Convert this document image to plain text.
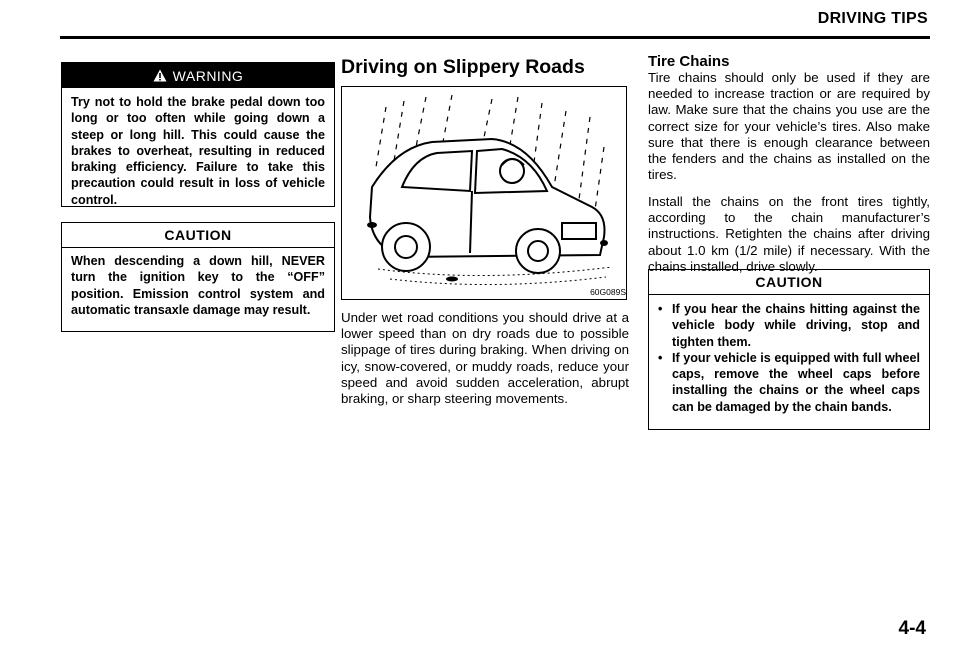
DRIVING TIPS
WARNING
Try not to hold the brake pedal down too long or too often while going down a steep or long hill. This could cause the brakes to overheat, resulting in reduced braking efficiency. Failure to take this precaution could result in loss of vehicle control.
CAUTION
When descending a down hill, NEVER turn the ignition key to the “OFF” position. Emission control system and automatic transaxle damage may result.
Driving on Slippery Roads
60G089S
Under wet road conditions you should drive at a lower speed than on dry roads due to possible slippage of tires during braking. When driving on icy, snow-covered, or muddy roads, reduce your speed and avoid sudden acceleration, abrupt braking, or sharp steering movements.
Tire Chains
Tire chains should only be used if they are needed to increase traction or are required by law. Make sure that the chains you use are the correct size for your vehicle’s tires. Also make sure that there is enough clearance between the fenders and the chains as installed on the tires.
Install the chains on the front tires tightly, according to the chain manufacturer’s instructions. Retighten the chains after driving about 1.0 km (1/2 mile) if necessary. With the chains installed, drive slowly.
CAUTION
• If you hear the chains hitting against the vehicle body while driving, stop and tighten them.
• If your vehicle is equipped with full wheel caps, remove the wheel caps before installing the chains or the wheel caps can be damaged by the chain bands.
4-4
